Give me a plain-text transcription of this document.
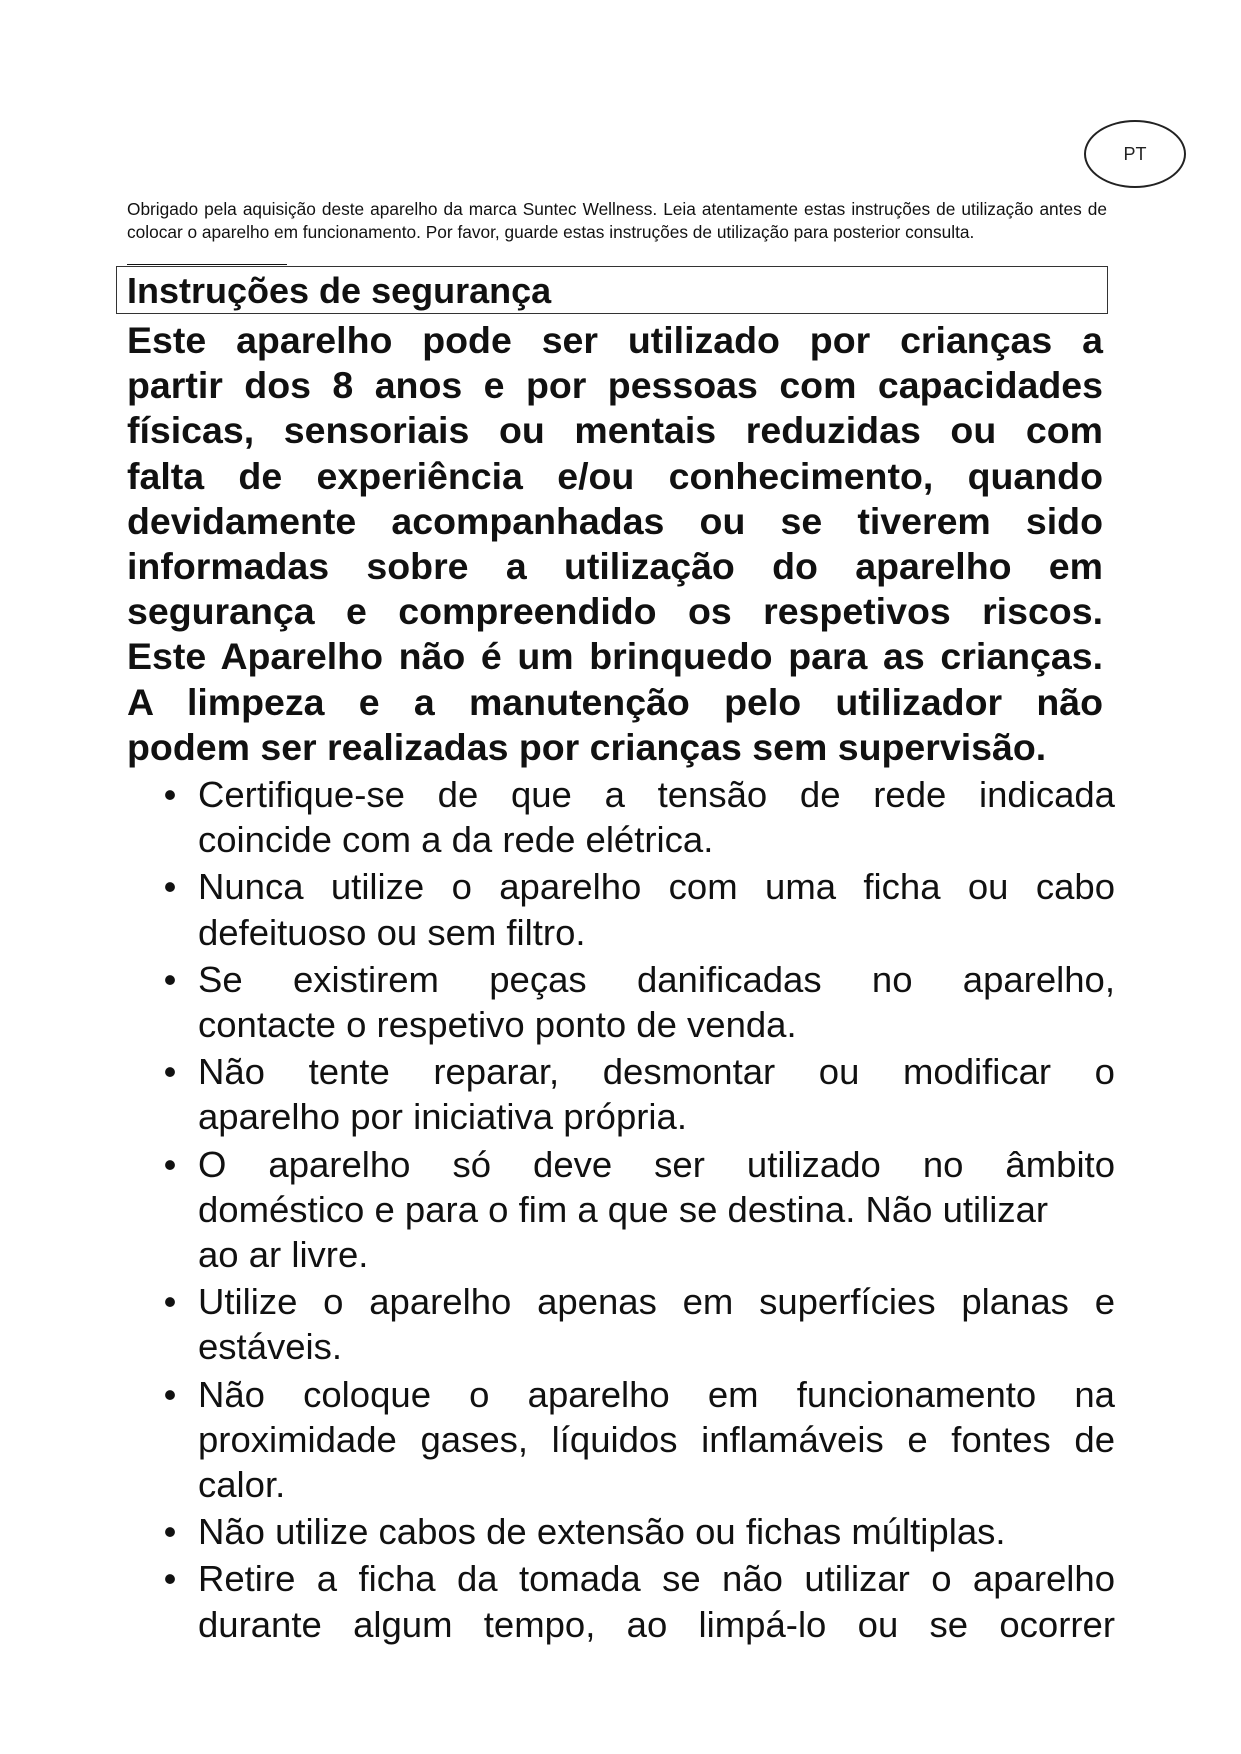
PT

Obrigado pela aquisição deste aparelho da marca Suntec Wellness. Leia atentamente estas instruções de utilização antes de colocar o aparelho em funcionamento. Por favor, guarde estas instruções de utilização para posterior consulta.

Instruções de segurança

Este aparelho pode ser utilizado por crianças a
partir dos 8 anos e por pessoas com capacidades
físicas, sensoriais ou mentais reduzidas ou com
falta de experiência e/ou conhecimento, quando
devidamente acompanhadas ou se tiverem sido
informadas sobre a utilização do aparelho em
segurança e compreendido os respetivos riscos.
Este Aparelho não é um brinquedo para as crianças.
A limpeza e a manutenção pelo utilizador não
podem ser realizadas por crianças sem supervisão.

• Certifique-se de que a tensão de rede indicada
coincide com a da rede elétrica.
• Nunca utilize o aparelho com uma ficha ou cabo
defeituoso ou sem filtro.
• Se existirem peças danificadas no aparelho,
contacte o respetivo ponto de venda.
• Não tente reparar, desmontar ou modificar o
aparelho por iniciativa própria.
• O aparelho só deve ser utilizado no âmbito
doméstico e para o fim a que se destina. Não utilizar
ao ar livre.
• Utilize o aparelho apenas em superfícies planas e
estáveis.
• Não coloque o aparelho em funcionamento na
proximidade gases, líquidos inflamáveis e fontes de
calor.
• Não utilize cabos de extensão ou fichas múltiplas.
• Retire a ficha da tomada se não utilizar o aparelho
durante algum tempo, ao limpá-lo ou se ocorrer
